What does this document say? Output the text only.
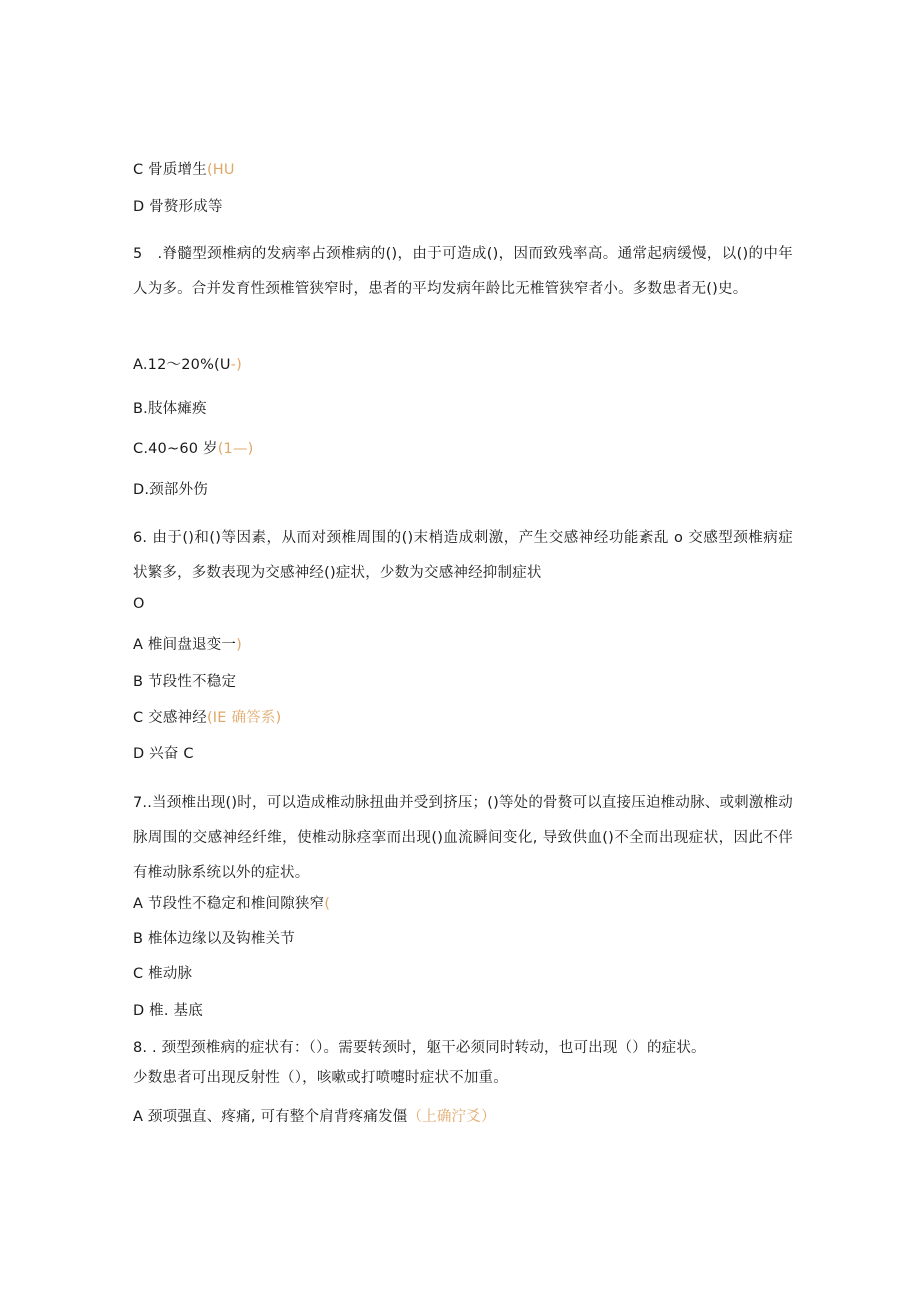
C 骨质增生(HU
D 骨赘形成等
5　.脊髓型颈椎病的发病率占颈椎病的()，由于可造成()，因而致残率高。通常起病缓慢，以()的中年人为多。合并发育性颈椎管狭窄时，患者的平均发病年龄比无椎管狭窄者小。多数患者无()史。
A.12～20%(U-)
B.肢体瘫痪
C.40~60 岁(1—)
D.颈部外伤
6. 由于()和()等因素，从而对颈椎周围的()末梢造成刺激，产生交感神经功能紊乱 o 交感型颈椎病症状繁多，多数表现为交感神经()症状，少数为交感神经抑制症状
O
A 椎间盘退变一)
B 节段性不稳定
C 交感神经(IE 确答系)
D 兴奋 C
7..当颈椎出现()时，可以造成椎动脉扭曲并受到挤压；()等处的骨赘可以直接压迫椎动脉、或刺激椎动脉周围的交感神经纤维，使椎动脉痉挛而出现()血流瞬间变化, 导致供血()不全而出现症状，因此不伴有椎动脉系统以外的症状。
A 节段性不稳定和椎间隙狭窄(
B 椎体边缘以及钩椎关节
C 椎动脉
D 椎. 基底
8. . 颈型颈椎病的症状有：（）。需要转颈时，躯干必须同时转动，也可出现（）的症状。
少数患者可出现反射性（），咳嗽或打喷嚏时症状不加重。
A 颈项强直、疼痛, 可有整个肩背疼痛发僵（上确泞爻）
